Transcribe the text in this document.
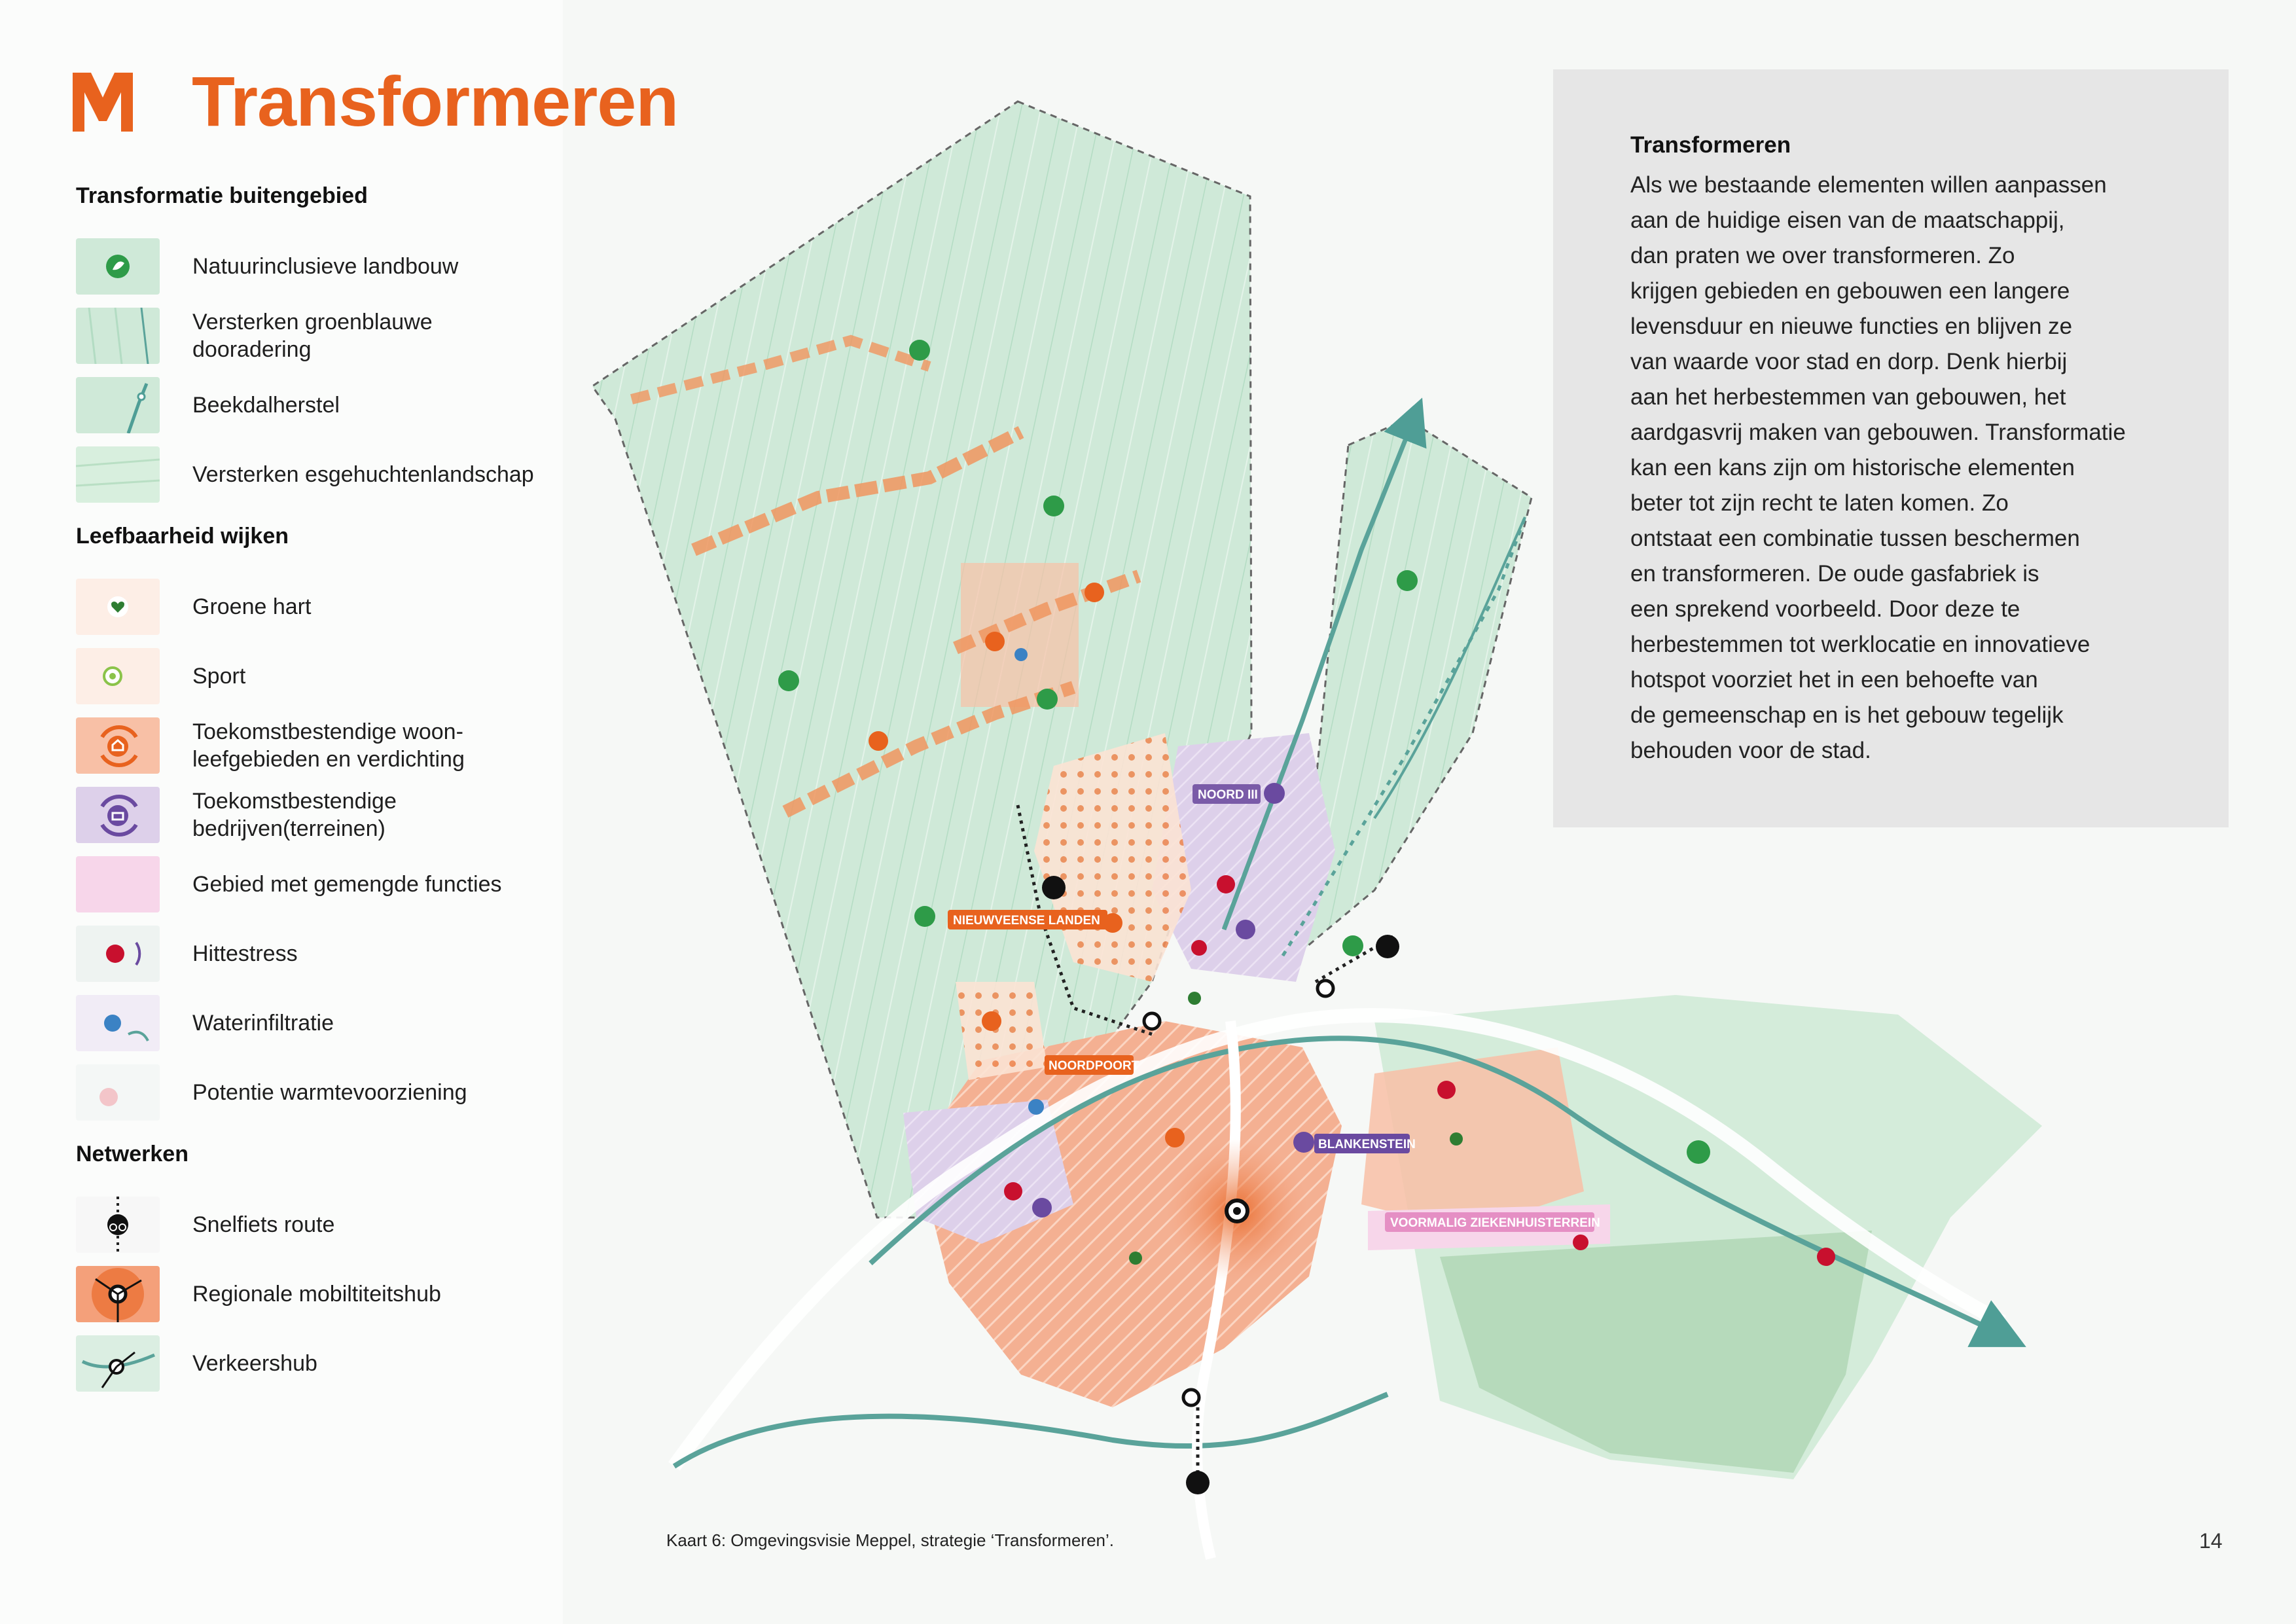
NOORD III
NIEUWVEENSE LANDEN
NOORDPOORT
BLANKENSTEIN
VOORMALIG ZIEKENHUISTERREIN
Transformeren
Transformatie buitengebied
Natuurinclusieve landbouw
Versterken groenblauwe
dooradering
Beekdalherstel
Versterken esgehuchtenlandschap
Leefbaarheid wijken
Groene hart
Sport
Toekomstbestendige woon-
leefgebieden en verdichting
Toekomstbestendige
bedrijven(terreinen)
Gebied met gemengde functies
Hittestress
Waterinfiltratie
Potentie warmtevoorziening
Netwerken
Snelfiets route
Regionale mobiltiteitshub
Verkeershub
Transformeren
Als we bestaande elementen willen aanpassen
aan de huidige eisen van de maatschappij,
dan praten we over transformeren. Zo
krijgen gebieden en gebouwen een langere
levensduur en nieuwe functies en blijven ze
van waarde voor stad en dorp. Denk hierbij
aan het herbestemmen van gebouwen, het
aardgasvrij maken van gebouwen. Transformatie
kan een kans zijn om historische elementen
beter tot zijn recht te laten komen. Zo
ontstaat een combinatie tussen beschermen
en transformeren. De oude gasfabriek is
een sprekend voorbeeld. Door deze te
herbestemmen tot werklocatie en innovatieve
hotspot voorziet het in een behoefte van
de gemeenschap en is het gebouw tegelijk
behouden voor de stad.
Kaart 6: Omgevingsvisie Meppel, strategie ‘Transformeren’.	14
